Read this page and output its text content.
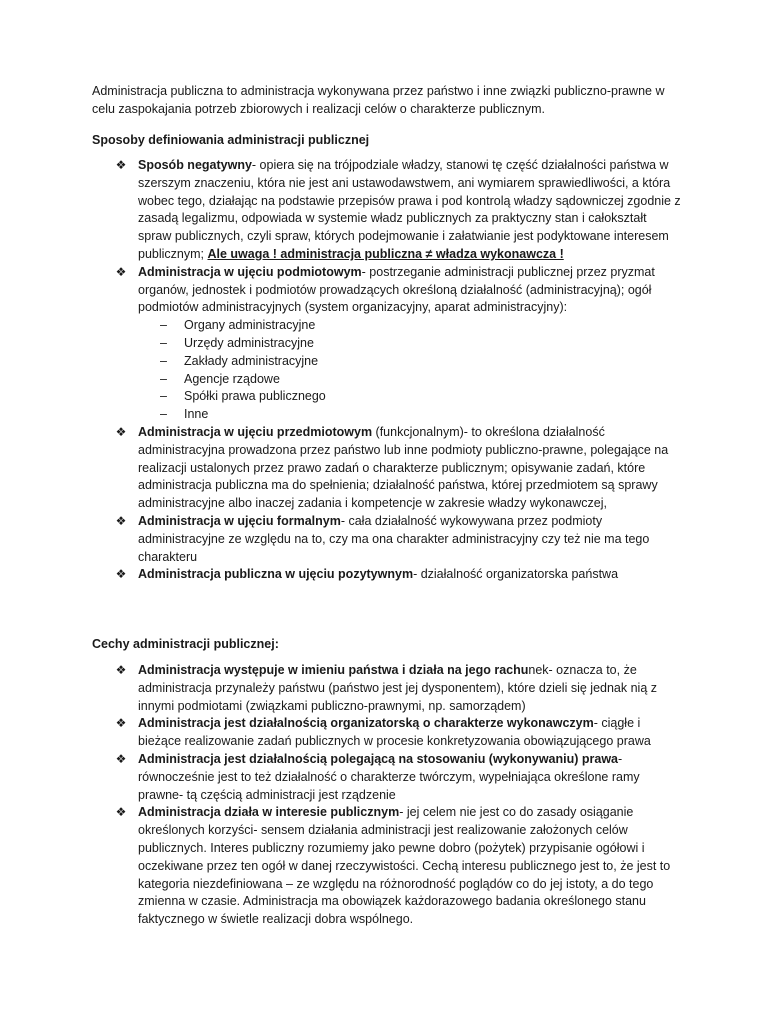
Administracja publiczna to administracja wykonywana przez państwo i inne związki publiczno-prawne w celu zaspokajania potrzeb zbiorowych i realizacji celów o charakterze publicznym.

Sposoby definiowania administracji publicznej

❖ Sposób negatywny- opiera się na trójpodziale władzy, stanowi tę część działalności państwa w szerszym znaczeniu, która nie jest ani ustawodawstwem, ani wymiarem sprawiedliwości, a która wobec tego, działając na podstawie przepisów prawa i pod kontrolą władzy sądowniczej zgodnie z zasadą legalizmu, odpowiada w systemie władz publicznych za praktyczny stan i całokształt spraw publicznych, czyli spraw, których podejmowanie i załatwianie jest podyktowane interesem publicznym; Ale uwaga ! administracja publiczna ≠ władza wykonawcza !
❖ Administracja w ujęciu podmiotowym- postrzeganie administracji publicznej przez pryzmat organów, jednostek i podmiotów prowadzących określoną działalność (administracyjną); ogół podmiotów administracyjnych (system organizacyjny, aparat administracyjny):
– Organy administracyjne
– Urzędy administracyjne
– Zakłady administracyjne
– Agencje rządowe
– Spółki prawa publicznego
– Inne
❖ Administracja w ujęciu przedmiotowym (funkcjonalnym)- to określona działalność administracyjna prowadzona przez państwo lub inne podmioty publiczno-prawne, polegające na realizacji ustalonych przez prawo zadań o charakterze publicznym; opisywanie zadań, które administracja publiczna ma do spełnienia; działalność państwa, której przedmiotem są sprawy administracyjne albo inaczej zadania i kompetencje w zakresie władzy wykonawczej,
❖ Administracja w ujęciu formalnym- cała działalność wykowywana przez podmioty administracyjne ze względu na to, czy ma ona charakter administracyjny czy też nie ma tego charakteru
❖ Administracja publiczna w ujęciu pozytywnym- działalność organizatorska państwa

Cechy administracji publicznej:

❖ Administracja występuje w imieniu państwa i działa na jego rachunek- oznacza to, że administracja przynależy państwu (państwo jest jej dysponentem), które dzieli się jednak nią z innymi podmiotami (związkami publiczno-prawnymi, np. samorządem)
❖ Administracja jest działalnością organizatorską o charakterze wykonawczym- ciągłe i bieżące realizowanie zadań publicznych w procesie konkretyzowania obowiązującego prawa
❖ Administracja jest działalnością polegającą na stosowaniu (wykonywaniu) prawa- równocześnie jest to też działalność o charakterze twórczym, wypełniająca określone ramy prawne- tą częścią administracji jest rządzenie
❖ Administracja działa w interesie publicznym- jej celem nie jest co do zasady osiąganie określonych korzyści- sensem działania administracji jest realizowanie założonych celów publicznych. Interes publiczny rozumiemy jako pewne dobro (pożytek) przypisanie ogółowi i oczekiwane przez ten ogół w danej rzeczywistości. Cechą interesu publicznego jest to, że jest to kategoria niezdefiniowana – ze względu na różnorodność poglądów co do jej istoty, a do tego zmienna w czasie. Administracja ma obowiązek każdorazowego badania określonego stanu faktycznego w świetle realizacji dobra wspólnego.
